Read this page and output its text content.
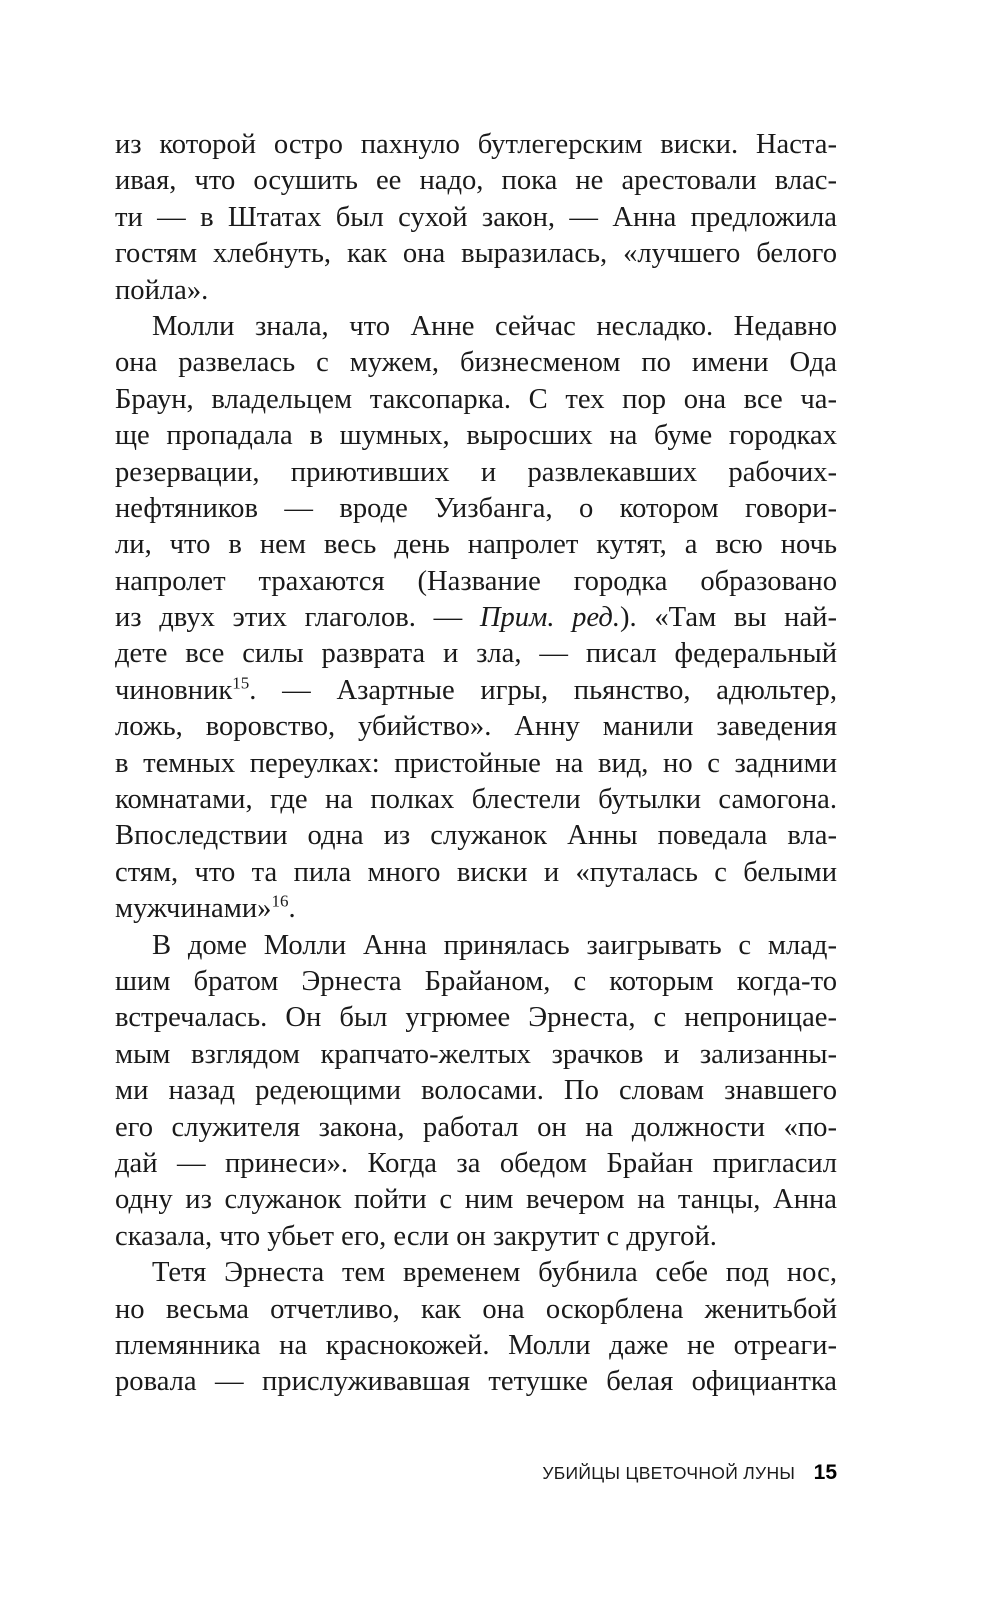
из которой остро пахнуло бутлегерским виски. Наста-
ивая, что осушить ее надо, пока не арестовали влас-
ти — в Штатах был сухой закон, — Анна предложила
гостям хлебнуть, как она выразилась, «лучшего белого
пойла».
Молли знала, что Анне сейчас несладко. Недавно
она развелась с мужем, бизнесменом по имени Ода
Браун, владельцем таксопарка. С тех пор она все ча-
ще пропадала в шумных, выросших на буме городках
резервации, приютивших и развлекавших рабочих-
нефтяников — вроде Уизбанга, о котором говори-
ли, что в нем весь день напролет кутят, а всю ночь
напролет трахаются (Название городка образовано
из двух этих глаголов. — Прим. ред.). «Там вы най-
дете все силы разврата и зла, — писал федеральный
чиновник$^{15}$. — Азартные игры, пьянство, адюльтер,
ложь, воровство, убийство». Анну манили заведения
в темных переулках: пристойные на вид, но с задними
комнатами, где на полках блестели бутылки самогона.
Впоследствии одна из служанок Анны поведала вла-
стям, что та пила много виски и «путалась с белыми
мужчинами»$^{16}$.
В доме Молли Анна принялась заигрывать с млад-
шим братом Эрнеста Брайаном, с которым когда-то
встречалась. Он был угрюмее Эрнеста, с непроницае-
мым взглядом крапчато-желтых зрачков и зализанны-
ми назад редеющими волосами. По словам знавшего
его служителя закона, работал он на должности «по-
дай — принеси». Когда за обедом Брайан пригласил
одну из служанок пойти с ним вечером на танцы, Анна
сказала, что убьет его, если он закрутит с другой.
Тетя Эрнеста тем временем бубнила себе под нос,
но весьма отчетливо, как она оскорблена женитьбой
племянника на краснокожей. Молли даже не отреаги-
ровала — прислуживавшая тетушке белая официантка
УБИЙЦЫ ЦВЕТОЧНОЙ ЛУНЫ 15
